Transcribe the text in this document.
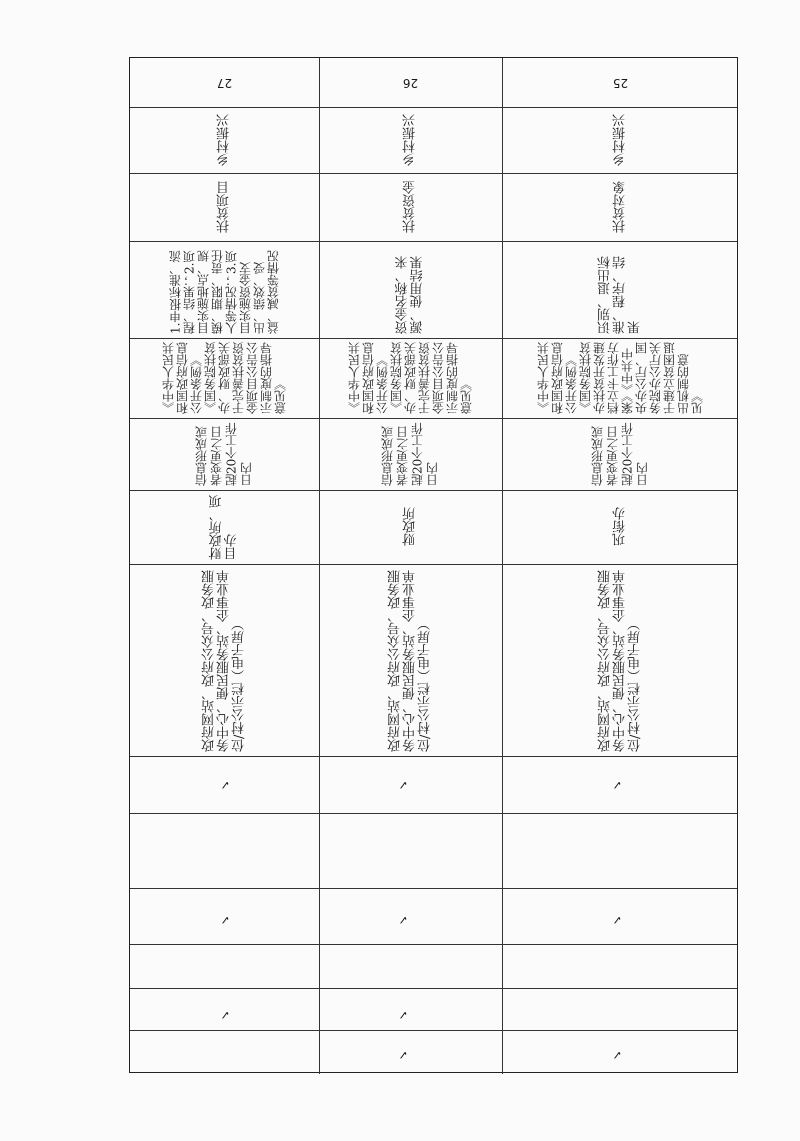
27
乡村振兴
扶贫项目
1.申报标准、流程、结果；2.项目实施地点、规模、期限、责任人等情况；3.项目实施资金支出、绩效、受益、减贫等情况
《中华人民共和国政府信息公开条例》《国务院扶贫办、财政部关于完善扶贫资金项目公告公示制度的指导意见》
信息形成或者变更之日起20个工作日内
财政所、项目办
政府网站、政府公众号、政务服务中心、便民服务站、企事业单位/村公示栏（电子屏）
✓
✓
✓
26
乡村振兴
扶贫资金
资金名称、来源、使用结果
《中华人民共和国政府信息公开条例》《国务院扶贫办、财政部关于完善扶贫资金项目公告公示制度的指导意见》
信息形成或者变更之日起20个工作日内
财政所
政府网站、政府公众号、政务服务中心、便民服务站、企事业单位/村公示栏（电子屏）
✓
✓
✓
✓
25
乡村振兴
扶贫对象
识别、退出标准、程序、结果
《中华人民共和国政府信息公开条例》《国务院扶贫办扶贫开发建档立卡工作方案》《中共中央办公厅、国务院办公厅关于建立贫困退出机制的意见》
信息形成或者变更之日起20个工作日内
巩衔办
政府网站、政府公众号、政务服务中心、便民服务站、企事业单位/村公示栏（电子屏）
✓
✓
✓
